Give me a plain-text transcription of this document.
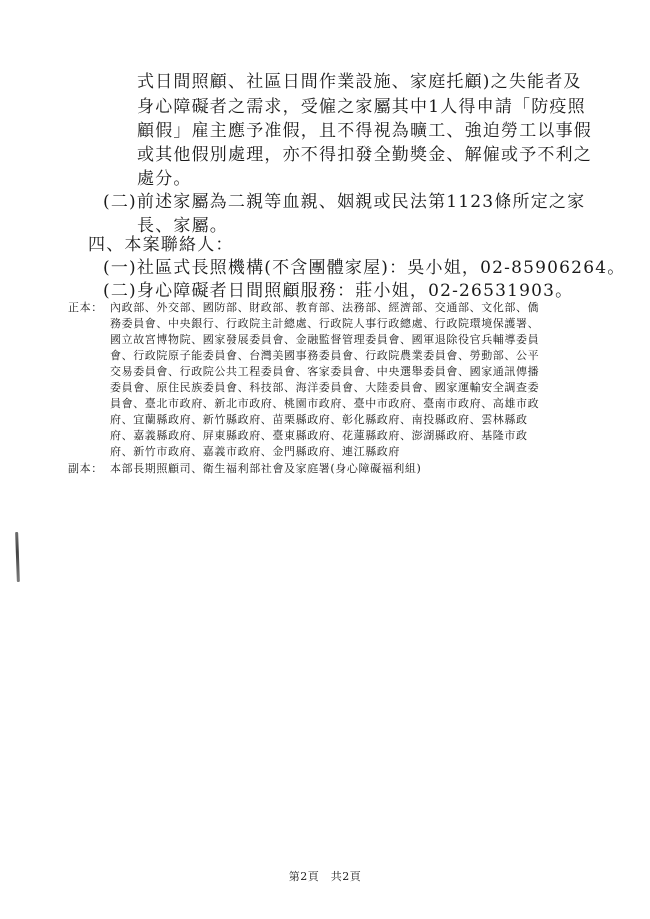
式日間照顧、社區日間作業設施、家庭托顧)之失能者及
身心障礙者之需求，受僱之家屬其中1人得申請「防疫照
顧假」雇主應予准假，且不得視為曠工、強迫勞工以事假
或其他假別處理，亦不得扣發全勤獎金、解僱或予不利之
處分。
(二)前述家屬為二親等血親、姻親或民法第1123條所定之家
長、家屬。
四、本案聯絡人：
(一)社區式長照機構(不含團體家屋)：吳小姐，02-85906264。
(二)身心障礙者日間照顧服務：莊小姐，02-26531903。
正本： 內政部、外交部、國防部、財政部、教育部、法務部、經濟部、交通部、文化部、僑
務委員會、中央銀行、行政院主計總處、行政院人事行政總處、行政院環境保護署、
國立故宮博物院、國家發展委員會、金融監督管理委員會、國軍退除役官兵輔導委員
會、行政院原子能委員會、台灣美國事務委員會、行政院農業委員會、勞動部、公平
交易委員會、行政院公共工程委員會、客家委員會、中央選舉委員會、國家通訊傳播
委員會、原住民族委員會、科技部、海洋委員會、大陸委員會、國家運輸安全調查委
員會、臺北市政府、新北市政府、桃園市政府、臺中市政府、臺南市政府、高雄市政
府、宜蘭縣政府、新竹縣政府、苗栗縣政府、彰化縣政府、南投縣政府、雲林縣政
府、嘉義縣政府、屏東縣政府、臺東縣政府、花蓮縣政府、澎湖縣政府、基隆市政
府、新竹市政府、嘉義市政府、金門縣政府、連江縣政府
副本： 本部長期照顧司、衛生福利部社會及家庭署(身心障礙福利組)
第2頁　共2頁
